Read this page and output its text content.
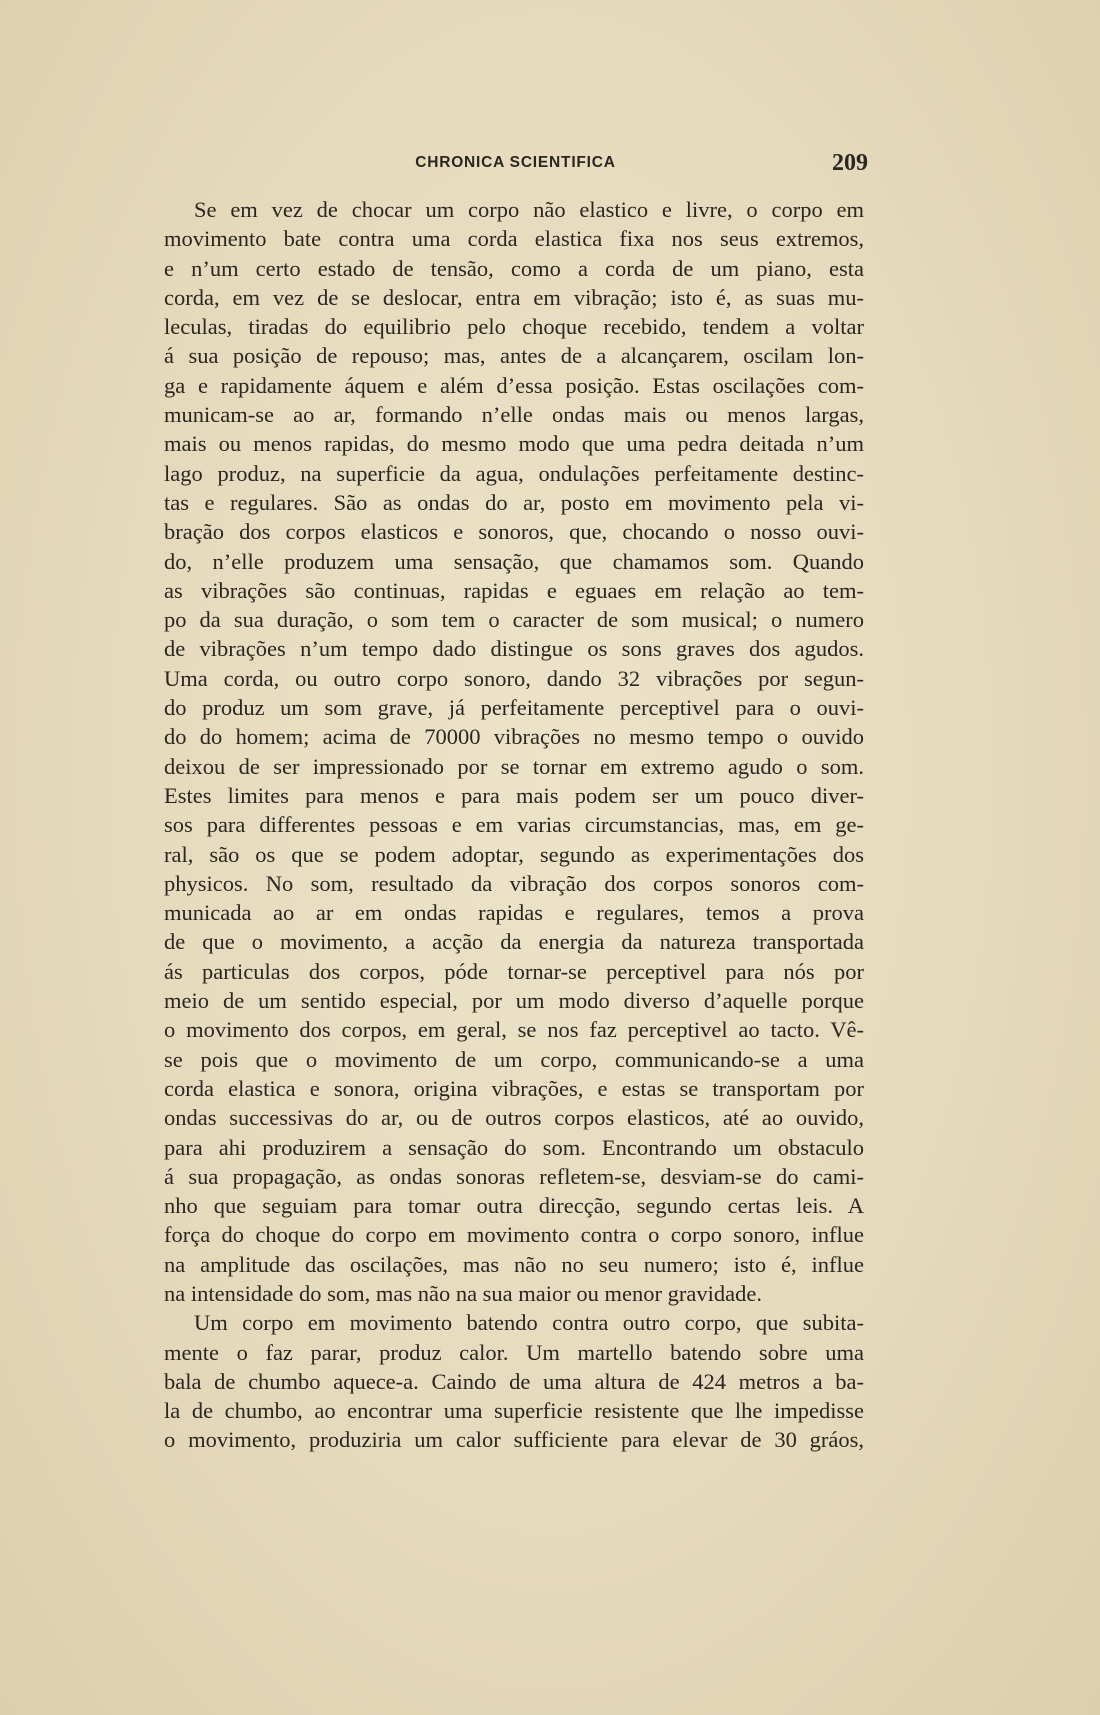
CHRONICA SCIENTIFICA	209
Se em vez de chocar um corpo não elastico e livre, o corpo em
movimento bate contra uma corda elastica fixa nos seus extremos,
e n’um certo estado de tensão, como a corda de um piano, esta
corda, em vez de se deslocar, entra em vibração; isto é, as suas mu-
leculas, tiradas do equilibrio pelo choque recebido, tendem a voltar
á sua posição de repouso; mas, antes de a alcançarem, oscilam lon-
ga e rapidamente áquem e além d’essa posição. Estas oscilações com-
municam-se ao ar, formando n’elle ondas mais ou menos largas,
mais ou menos rapidas, do mesmo modo que uma pedra deitada n’um
lago produz, na superficie da agua, ondulações perfeitamente destinc-
tas e regulares. São as ondas do ar, posto em movimento pela vi-
bração dos corpos elasticos e sonoros, que, chocando o nosso ouvi-
do, n’elle produzem uma sensação, que chamamos som. Quando
as vibrações são continuas, rapidas e eguaes em relação ao tem-
po da sua duração, o som tem o caracter de som musical; o numero
de vibrações n’um tempo dado distingue os sons graves dos agudos.
Uma corda, ou outro corpo sonoro, dando 32 vibrações por segun-
do produz um som grave, já perfeitamente perceptivel para o ouvi-
do do homem; acima de 70000 vibrações no mesmo tempo o ouvido
deixou de ser impressionado por se tornar em extremo agudo o som.
Estes limites para menos e para mais podem ser um pouco diver-
sos para differentes pessoas e em varias circumstancias, mas, em ge-
ral, são os que se podem adoptar, segundo as experimentações dos
physicos. No som, resultado da vibração dos corpos sonoros com-
municada ao ar em ondas rapidas e regulares, temos a prova
de que o movimento, a acção da energia da natureza transportada
ás particulas dos corpos, póde tornar-se perceptivel para nós por
meio de um sentido especial, por um modo diverso d’aquelle porque
o movimento dos corpos, em geral, se nos faz perceptivel ao tacto. Vê-
se pois que o movimento de um corpo, communicando-se a uma
corda elastica e sonora, origina vibrações, e estas se transportam por
ondas successivas do ar, ou de outros corpos elasticos, até ao ouvido,
para ahi produzirem a sensação do som. Encontrando um obstaculo
á sua propagação, as ondas sonoras refletem-se, desviam-se do cami-
nho que seguiam para tomar outra direcção, segundo certas leis. A
força do choque do corpo em movimento contra o corpo sonoro, influe
na amplitude das oscilações, mas não no seu numero; isto é, influe
na intensidade do som, mas não na sua maior ou menor gravidade.
Um corpo em movimento batendo contra outro corpo, que subita-
mente o faz parar, produz calor. Um martello batendo sobre uma
bala de chumbo aquece-a. Caindo de uma altura de 424 metros a ba-
la de chumbo, ao encontrar uma superficie resistente que lhe impedisse
o movimento, produziria um calor sufficiente para elevar de 30 gráos,
